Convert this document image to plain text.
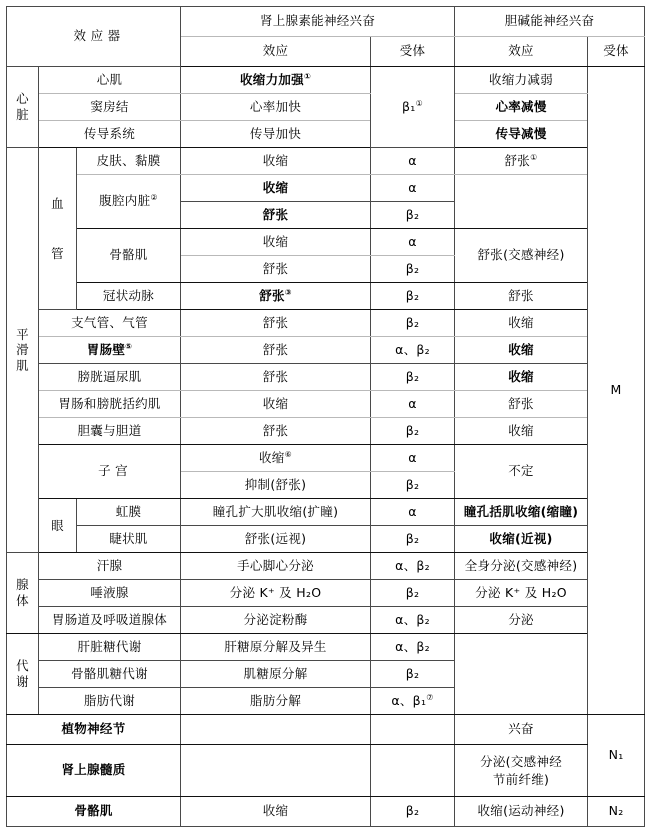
效 应 器			肾上腺素能神经兴奋		胆碱能神经兴奋	
			效应	受体	效应	受体

心
脏	心肌		收缩力加强①	β₁①	收缩力减弱	M
	窦房结		心率加快		心率减慢	
	传导系统		传导加快		传导减慢	

平
滑
肌	血
管	皮肤、黏膜	收缩	α	舒张①
		腹腔内脏②	收缩	α		
			舒张	β₂		
		骨骼肌	收缩	α	舒张(交感神经)	
			舒张	β₂		
		冠状动脉	舒张③	β₂	舒张	
	支气管、气管		舒张	β₂	收缩	
	胃肠壁⑤		舒张	α、β₂	收缩	
	膀胱逼尿肌		舒张	β₂	收缩	
	胃肠和膀胱括约肌		收缩	α	舒张	
	胆囊与胆道		舒张	β₂	收缩	
	子 宫		收缩⑥	α	不定	
			抑制(舒张)	β₂		
	眼	虹膜	瞳孔扩大肌收缩(扩瞳)	α	瞳孔括肌收缩(缩瞳)	
		睫状肌	舒张(远视)	β₂	收缩(近视)	

腺
体	汗腺		手心脚心分泌	α、β₂	全身分泌(交感神经)	
	唾液腺		分泌 K⁺ 及 H₂O	β₂	分泌 K⁺ 及 H₂O	
	胃肠道及呼吸道腺体		分泌淀粉酶	α、β₂	分泌	

代
谢	肝脏糖代谢		肝糖原分解及异生	α、β₂		
	骨骼肌糖代谢		肌糖原分解	β₂		
	脂肪代谢		脂肪分解	α、β₁⑦
植物神经节					兴奋	N₁
肾上腺髓质					分泌(交感神经
节前纤维)	
骨骼肌			收缩	β₂	收缩(运动神经)	N₂
